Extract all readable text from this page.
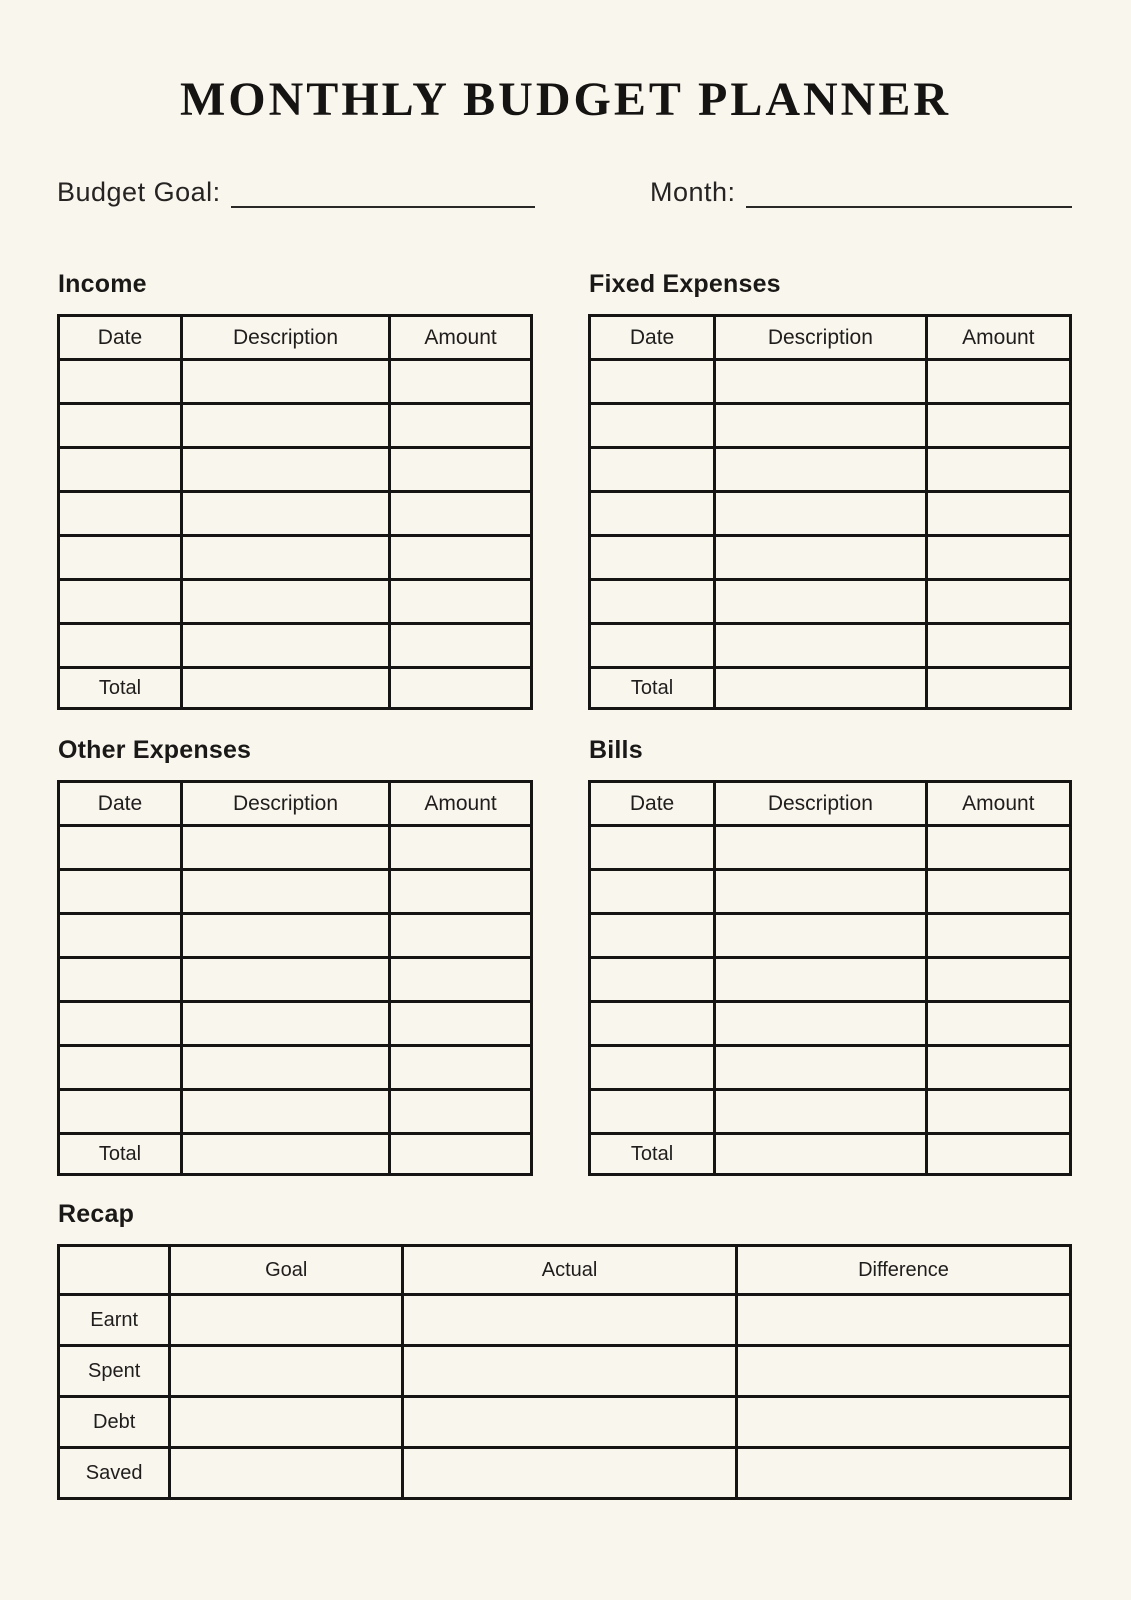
MONTHLY BUDGET PLANNER
Budget Goal:	Month:
Income
Date	Description	Amount

Total		
Fixed Expenses
Date	Description	Amount

Total		
Other Expenses
Date	Description	Amount

Total		
Bills
Date	Description	Amount

Total		
Recap
	Goal	Actual	Difference
Earnt			
Spent			
Debt			
Saved			
